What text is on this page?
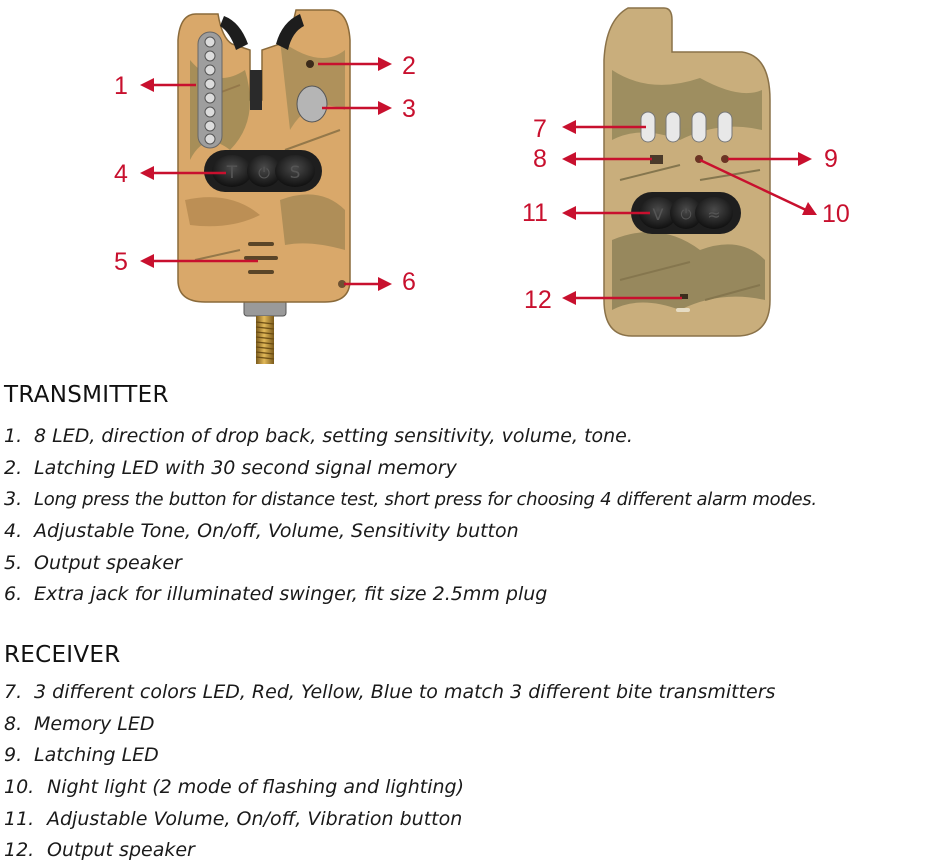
T ⏻ S
V ⏻ ≈
1
2
3
4
5
6
7
8	9
10
11
12
TRANSMITTER
1. 8 LED, direction of drop back, setting sensitivity, volume, tone.
2. Latching LED with 30 second signal memory
3. Long press the button for distance test, short press for choosing 4 different alarm modes.
4. Adjustable Tone, On/off, Volume, Sensitivity button
5. Output speaker
6. Extra jack for illuminated swinger, fit size 2.5mm plug
RECEIVER
7. 3 different colors LED, Red, Yellow, Blue to match 3 different bite transmitters
8. Memory LED
9. Latching LED
10. Night light (2 mode of flashing and lighting)
11. Adjustable Volume, On/off, Vibration button
12. Output speaker
